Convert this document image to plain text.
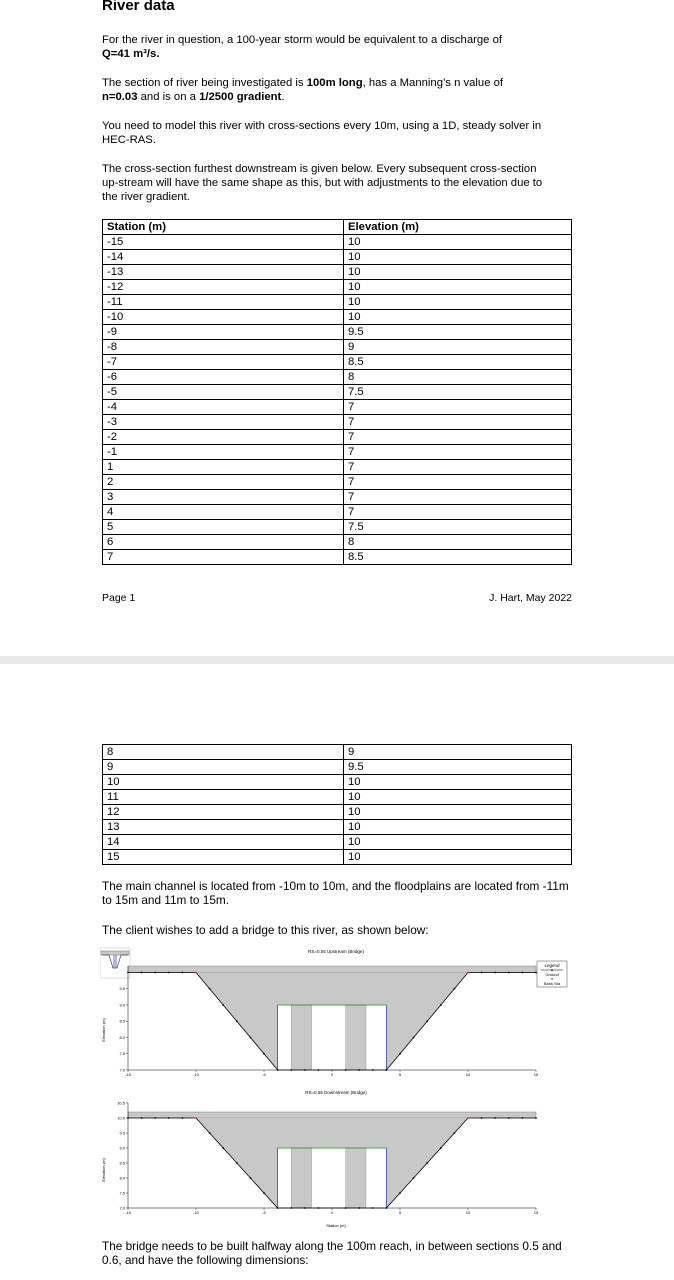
River data
For the river in question, a 100-year storm would be equivalent to a discharge of
Q=41 m³/s.
The section of river being investigated is 100m long, has a Manning’s n value of
n=0.03 and is on a 1/2500 gradient.
You need to model this river with cross-sections every 10m, using a 1D, steady solver in HEC-RAS.
The cross-section furthest downstream is given below. Every subsequent cross-section up-stream will have the same shape as this, but with adjustments to the elevation due to the river gradient.
Station (m)	Elevation (m)
-15	10
-14	10
-13	10
-12	10
-11	10
-10	10
-9	9.5
-8	9
-7	8.5
-6	8
-5	7.5
-4	7
-3	7
-2	7
-1	7
1	7
2	7
3	7
4	7
5	7.5
6	8
7	8.5
Page 1	J. Hart, May 2022
8	9
9	9.5
10	10
11	10
12	10
13	10
14	10
15	10
The main channel is located from -10m to 10m, and the floodplains are located from -11m to 15m and 11m to 15m.
The client wishes to add a bridge to this river, as shown below:
RS=0.55 Upstream (Bridge)
RS=0.55 Downstream (Bridge)
Elevation (m)
Elevation (m)
Station (m)
Legend
Ground
Bank Sta
9.5
9.0
8.5
8.0
7.5
7.0
-15	-10	-5	0	5	10	15
10.5
10.0
9.5
9.0
8.5
8.0
7.5
7.0
-15	-10	-5	0	5	10	15
The bridge needs to be built halfway along the 100m reach, in between sections 0.5 and 0.6, and have the following dimensions:
